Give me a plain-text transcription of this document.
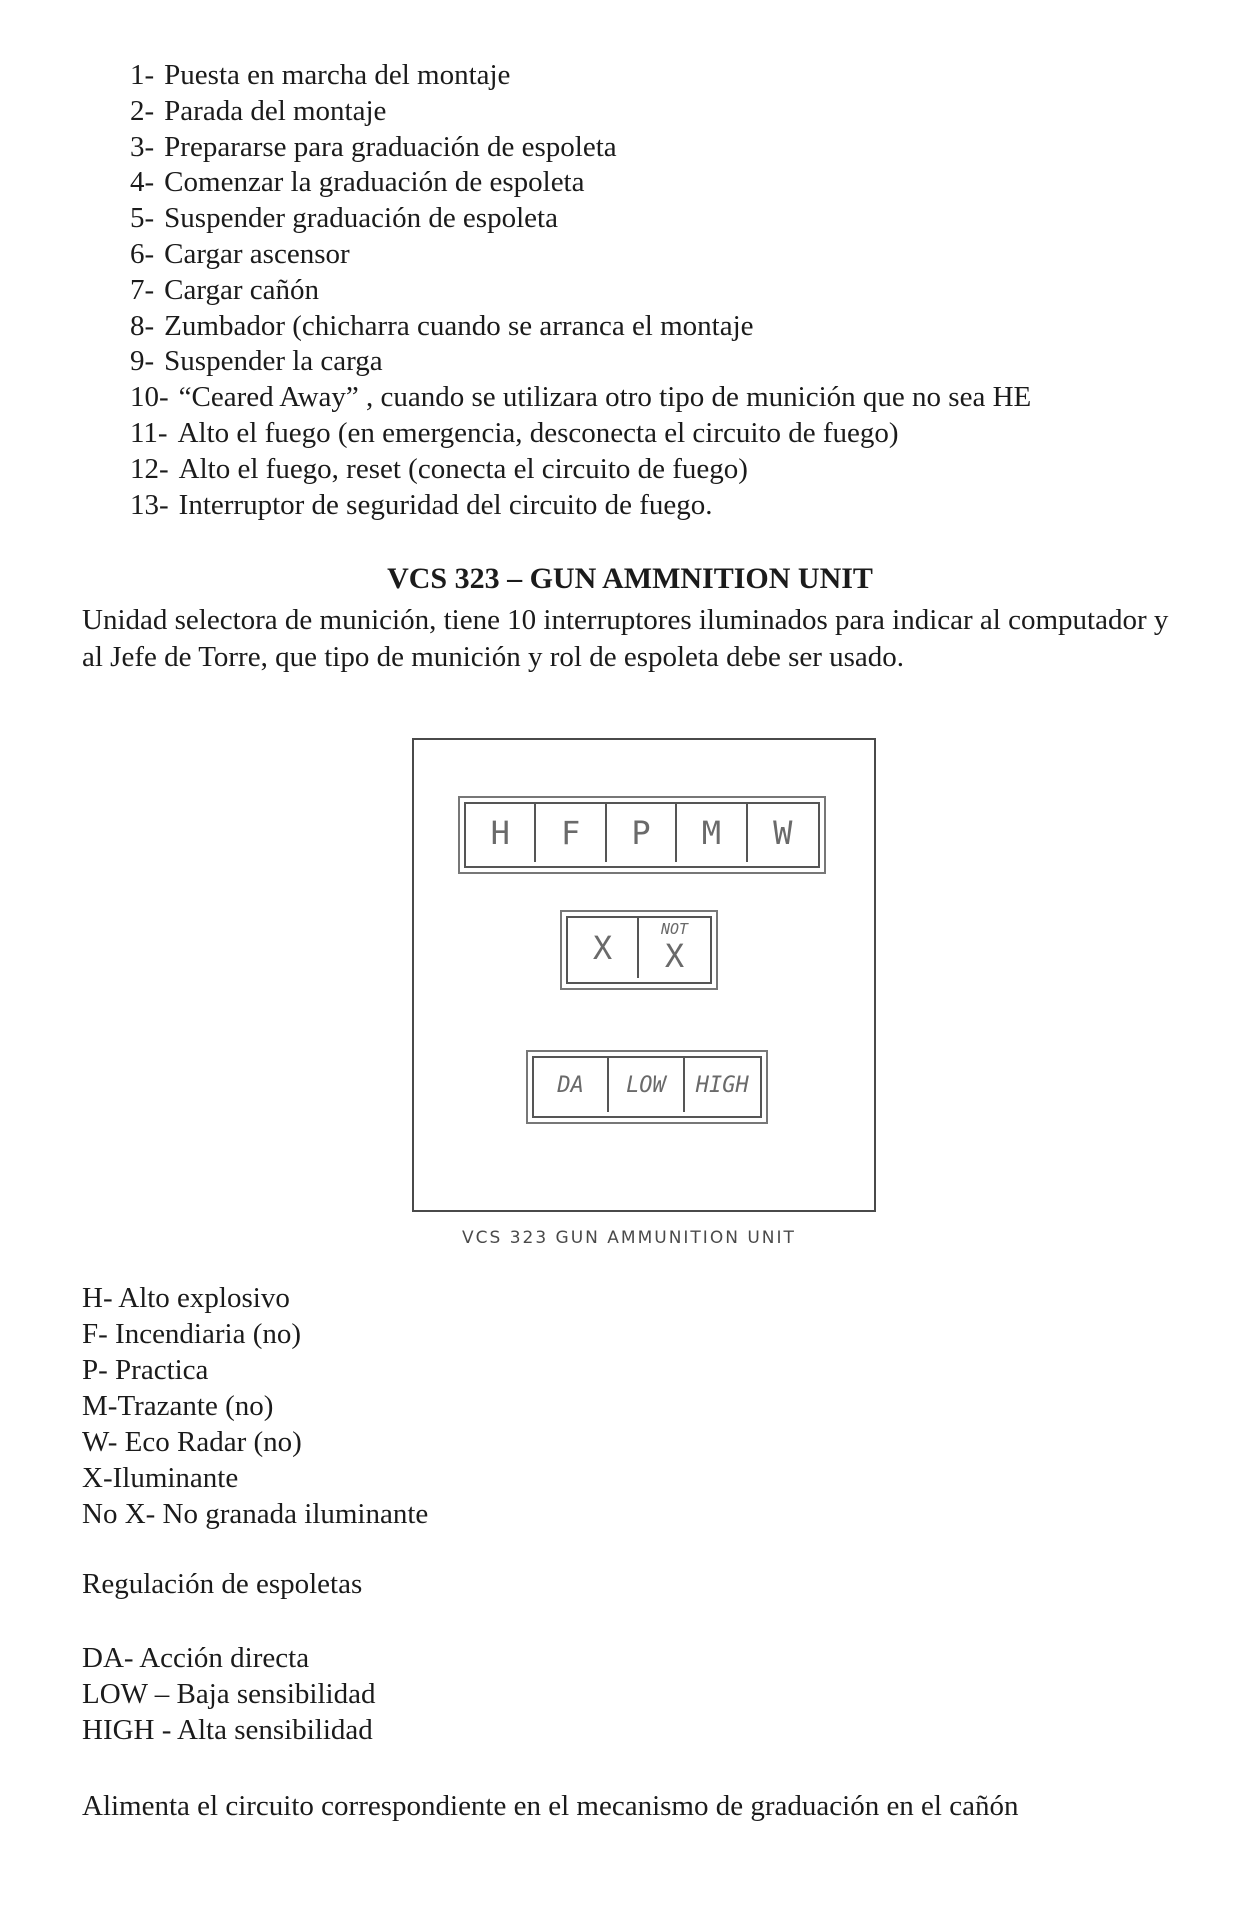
1- Puesta en marcha del montaje
2- Parada del montaje
3- Prepararse para graduación de espoleta
4- Comenzar la graduación de espoleta
5- Suspender graduación de espoleta
6- Cargar ascensor
7- Cargar cañón
8- Zumbador (chicharra cuando se arranca el montaje
9- Suspender la carga
10- “Ceared Away” , cuando se utilizara otro tipo de munición que no sea HE
11- Alto el fuego (en emergencia, desconecta el circuito de fuego)
12- Alto el fuego, reset (conecta el circuito de fuego)
13- Interruptor de seguridad del circuito de fuego.
VCS 323 – GUN AMMNITION UNIT

Unidad selectora de munición, tiene 10 interruptores iluminados para indicar al computador y al Jefe de Torre, que tipo de munición y rol de espoleta debe ser usado.

H	F	P	M	W
X	NOT
X
DA	LOW	HIGH

VCS 323 GUN AMMUNITION UNIT

H- Alto explosivo
F- Incendiaria (no)
P- Practica
M-Trazante (no)
W- Eco Radar (no)
X-Iluminante
No X- No granada iluminante

Regulación de espoletas

DA- Acción directa
LOW – Baja sensibilidad
HIGH - Alta sensibilidad

Alimenta el circuito correspondiente en el mecanismo de graduación en el cañón
